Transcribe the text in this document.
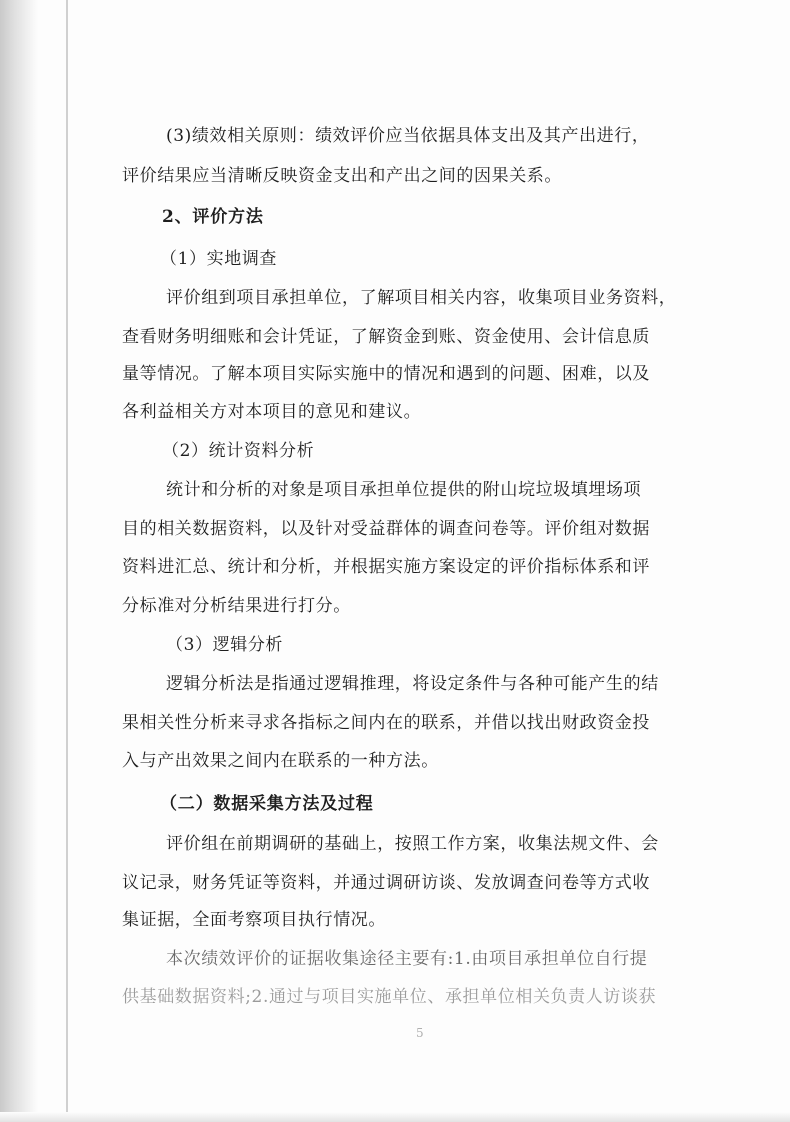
(3)绩效相关原则：绩效评价应当依据具体支出及其产出进行，
评价结果应当清晰反映资金支出和产出之间的因果关系。
2、评价方法
（1）实地调查
评价组到项目承担单位，了解项目相关内容，收集项目业务资料，
查看财务明细账和会计凭证，了解资金到账、资金使用、会计信息质
量等情况。了解本项目实际实施中的情况和遇到的问题、困难，以及
各利益相关方对本项目的意见和建议。
（2）统计资料分析
统计和分析的对象是项目承担单位提供的附山垸垃圾填埋场项
目的相关数据资料，以及针对受益群体的调查问卷等。评价组对数据
资料进汇总、统计和分析，并根据实施方案设定的评价指标体系和评
分标准对分析结果进行打分。
（3）逻辑分析
逻辑分析法是指通过逻辑推理，将设定条件与各种可能产生的结
果相关性分析来寻求各指标之间内在的联系，并借以找出财政资金投
入与产出效果之间内在联系的一种方法。
（二）数据采集方法及过程
评价组在前期调研的基础上，按照工作方案，收集法规文件、会
议记录，财务凭证等资料，并通过调研访谈、发放调查问卷等方式收
集证据，全面考察项目执行情况。
本次绩效评价的证据收集途径主要有:1.由项目承担单位自行提
供基础数据资料;2.通过与项目实施单位、承担单位相关负责人访谈获
5
